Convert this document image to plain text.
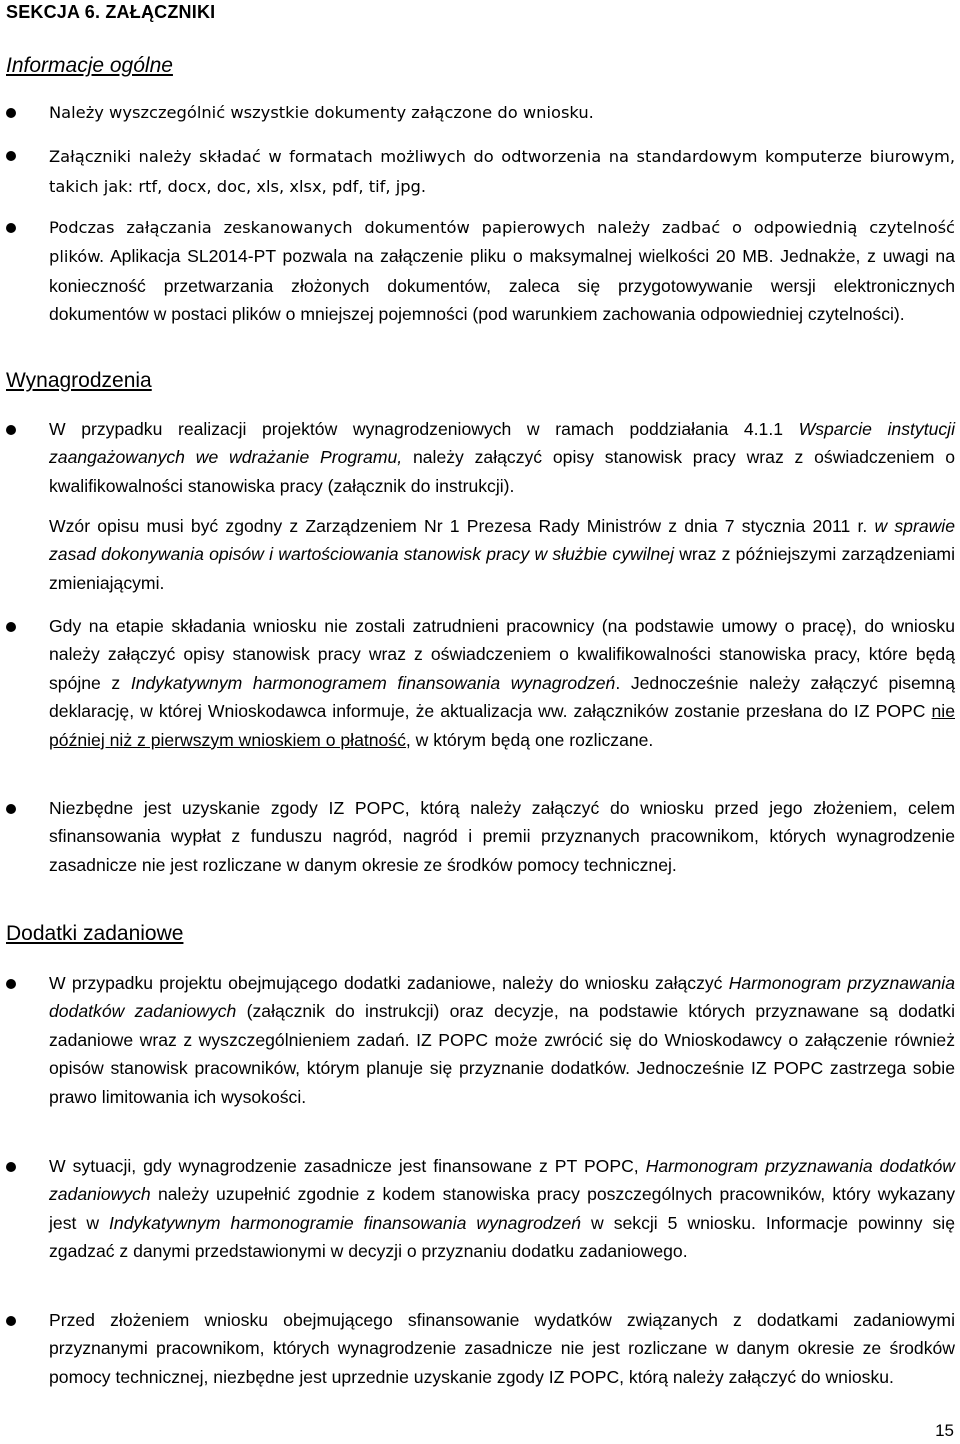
SEKCJA 6. ZAŁĄCZNIKI
Informacje ogólne
Należy wyszczególnić wszystkie dokumenty załączone do wniosku.
Załączniki należy składać w formatach możliwych do odtworzenia na standardowym komputerze biurowym, takich jak: rtf, docx, doc, xls, xlsx, pdf, tif, jpg.
Podczas załączania zeskanowanych dokumentów papierowych należy zadbać o odpowiednią czytelność plików. Aplikacja SL2014-PT pozwala na załączenie pliku o maksymalnej wielkości 20 MB. Jednakże, z uwagi na konieczność przetwarzania złożonych dokumentów, zaleca się przygotowywanie wersji elektronicznych dokumentów w postaci plików o mniejszej pojemności (pod warunkiem zachowania odpowiedniej czytelności).
Wynagrodzenia
W przypadku realizacji projektów wynagrodzeniowych w ramach poddziałania 4.1.1 Wsparcie instytucji zaangażowanych we wdrażanie Programu, należy załączyć opisy stanowisk pracy wraz z oświadczeniem o kwalifikowalności stanowiska pracy (załącznik do instrukcji).
Wzór opisu musi być zgodny z Zarządzeniem Nr 1 Prezesa Rady Ministrów z dnia 7 stycznia 2011 r. w sprawie zasad dokonywania opisów i wartościowania stanowisk pracy w służbie cywilnej wraz z późniejszymi zarządzeniami zmieniającymi.
Gdy na etapie składania wniosku nie zostali zatrudnieni pracownicy (na podstawie umowy o pracę), do wniosku należy załączyć opisy stanowisk pracy wraz z oświadczeniem o kwalifikowalności stanowiska pracy, które będą spójne z Indykatywnym harmonogramem finansowania wynagrodzeń. Jednocześnie należy załączyć pisemną deklarację, w której Wnioskodawca informuje, że aktualizacja ww. załączników zostanie przesłana do IZ POPC nie później niż z pierwszym wnioskiem o płatność, w którym będą one rozliczane.
Niezbędne jest uzyskanie zgody IZ POPC, którą należy załączyć do wniosku przed jego złożeniem, celem sfinansowania wypłat z funduszu nagród, nagród i premii przyznanych pracownikom, których wynagrodzenie zasadnicze nie jest rozliczane w danym okresie ze środków pomocy technicznej.
Dodatki zadaniowe
W przypadku projektu obejmującego dodatki zadaniowe, należy do wniosku załączyć Harmonogram przyznawania dodatków zadaniowych (załącznik do instrukcji) oraz decyzje, na podstawie których przyznawane są dodatki zadaniowe wraz z wyszczególnieniem zadań. IZ POPC może zwrócić się do Wnioskodawcy o załączenie również opisów stanowisk pracowników, którym planuje się przyznanie dodatków. Jednocześnie IZ POPC zastrzega sobie prawo limitowania ich wysokości.
W sytuacji, gdy wynagrodzenie zasadnicze jest finansowane z PT POPC, Harmonogram przyznawania dodatków zadaniowych należy uzupełnić zgodnie z kodem stanowiska pracy poszczególnych pracowników, który wykazany jest w Indykatywnym harmonogramie finansowania wynagrodzeń w sekcji 5 wniosku. Informacje powinny się zgadzać z danymi przedstawionymi w decyzji o przyznaniu dodatku zadaniowego.
Przed złożeniem wniosku obejmującego sfinansowanie wydatków związanych z dodatkami zadaniowymi przyznanymi pracownikom, których wynagrodzenie zasadnicze nie jest rozliczane w danym okresie ze środków pomocy technicznej, niezbędne jest uprzednie uzyskanie zgody IZ POPC, którą należy załączyć do wniosku.
15
